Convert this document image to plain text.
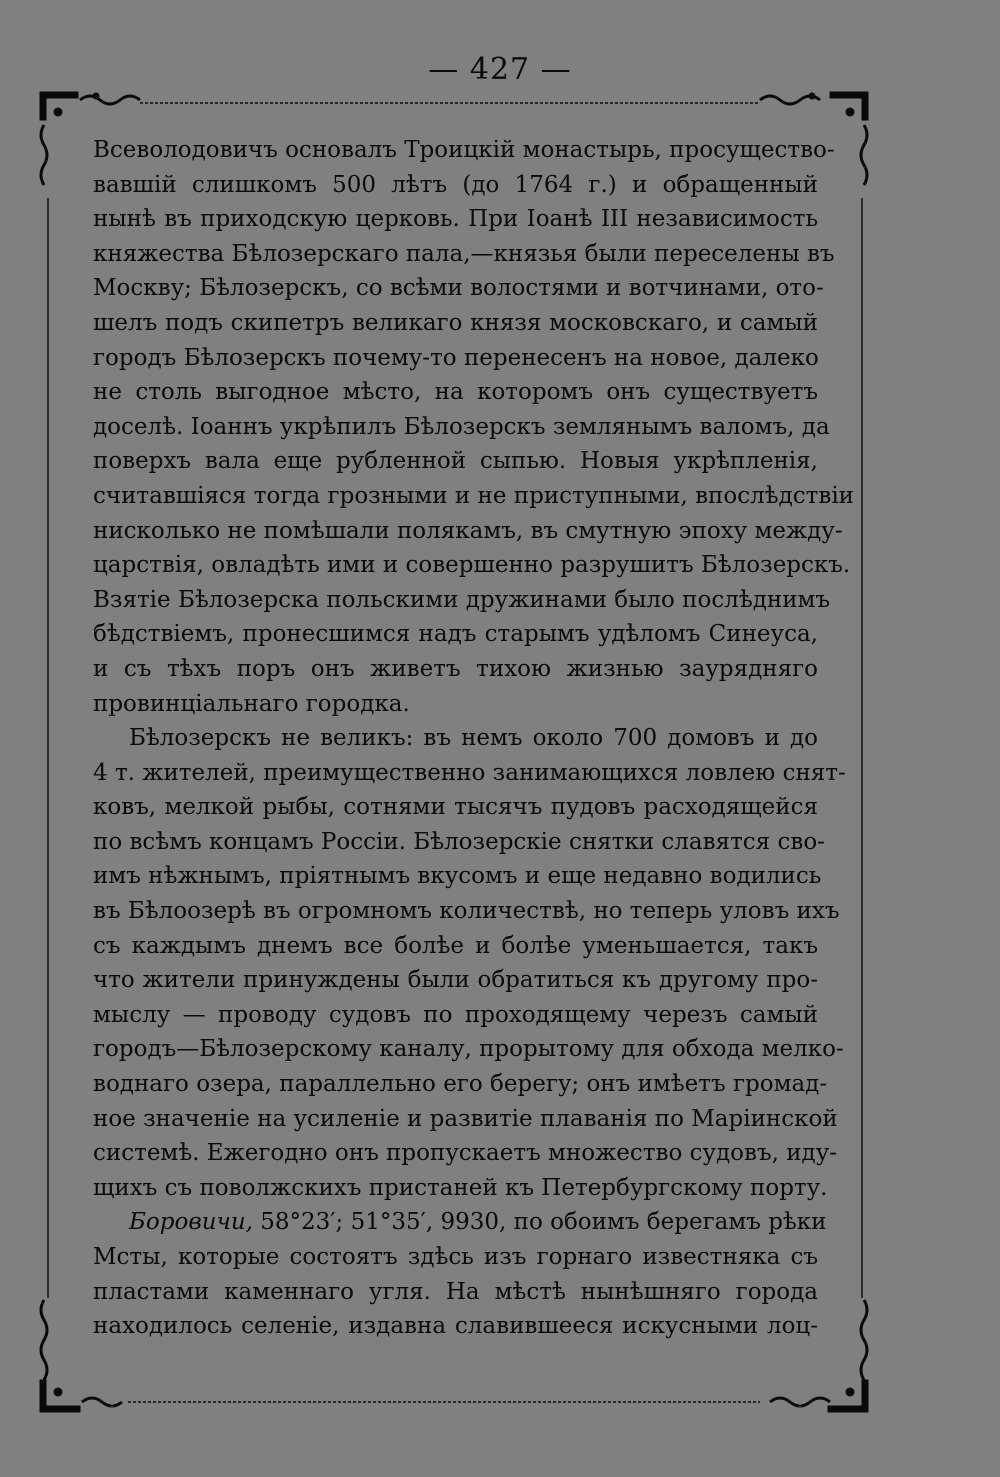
— 427 —
Всеволодовичъ основалъ Троицкій монастырь, просущество-
вавшій слишкомъ 500 лѣтъ (до 1764 г.) и обращенный
нынѣ въ приходскую церковь. При Іоанѣ III независимость
княжества Бѣлозерскаго пала,—князья были переселены въ
Москву; Бѣлозерскъ, со всѣми волостями и вотчинами, ото-
шелъ подъ скипетръ великаго князя московскаго, и самый
городъ Бѣлозерскъ почему-то перенесенъ на новое, далеко
не столь выгодное мѣсто, на которомъ онъ существуетъ
доселѣ. Іоаннъ укрѣпилъ Бѣлозерскъ землянымъ валомъ, да
поверхъ вала еще рубленной сыпью. Новыя укрѣпленія,
считавшіяся тогда грозными и не приступными, впослѣдствіи
нисколько не помѣшали полякамъ, въ смутную эпоху между-
царствія, овладѣть ими и совершенно разрушитъ Бѣлозерскъ.
Взятіе Бѣлозерска польскими дружинами было послѣднимъ
бѣдствіемъ, пронесшимся надъ старымъ удѣломъ Синеуса,
и съ тѣхъ поръ онъ живетъ тихою жизнью заурядняго
провинціальнаго городка.
Бѣлозерскъ не великъ: въ немъ около 700 домовъ и до
4 т. жителей, преимущественно занимающихся ловлею снят-
ковъ, мелкой рыбы, сотнями тысячъ пудовъ расходящейся
по всѣмъ концамъ Россіи. Бѣлозерскіе снятки славятся сво-
имъ нѣжнымъ, пріятнымъ вкусомъ и еще недавно водились
въ Бѣлоозерѣ въ огромномъ количествѣ, но теперь уловъ ихъ
съ каждымъ днемъ все болѣе и болѣе уменьшается, такъ
что жители принуждены были обратиться къ другому про-
мыслу — проводу судовъ по проходящему черезъ самый
городъ—Бѣлозерскому каналу, прорытому для обхода мелко-
воднаго озера, параллельно его берегу; онъ имѣетъ громад-
ное значеніе на усиленіе и развитіе плаванія по Маріинской
системѣ. Ежегодно онъ пропускаетъ множество судовъ, иду-
щихъ съ поволжскихъ пристаней къ Петербургскому порту.
Боровичи, 58°23′; 51°35′, 9930, по обоимъ берегамъ рѣки
Мсты, которые состоятъ здѣсь изъ горнаго известняка съ
пластами каменнаго угля. На мѣстѣ нынѣшняго города
находилось селеніе, издавна славившееся искусными лоц-
